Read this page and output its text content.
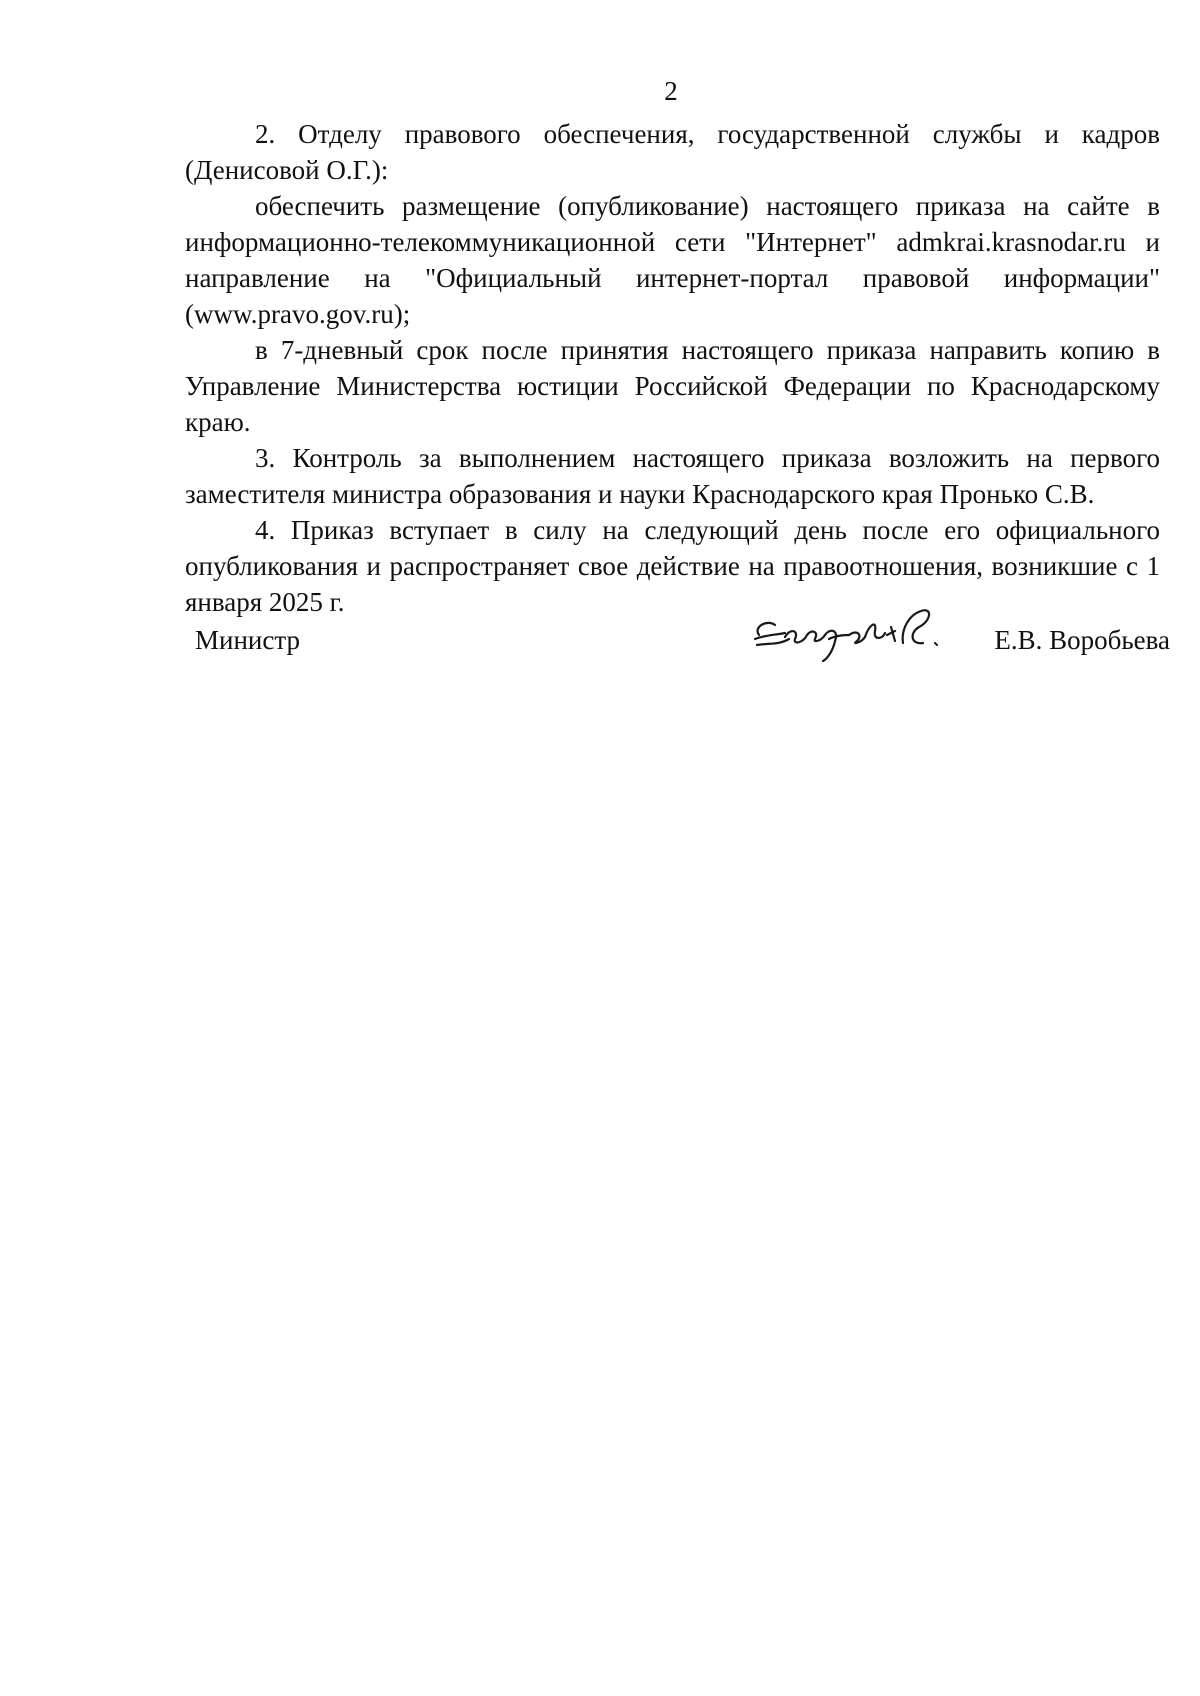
2

2. Отделу правового обеспечения, государственной службы и кадров (Денисовой О.Г.):

обеспечить размещение (опубликование) настоящего приказа на сайте в информационно-телекоммуникационной сети "Интернет" admkrai.krasnodar.ru и направление на "Официальный интернет-портал правовой информации" (www.pravo.gov.ru);

в 7-дневный срок после принятия настоящего приказа направить копию в Управление Министерства юстиции Российской Федерации по Краснодарскому краю.

3. Контроль за выполнением настоящего приказа возложить на первого заместителя министра образования и науки Краснодарского края Пронько С.В.

4. Приказ вступает в силу на следующий день после его официального опубликования и распространяет свое действие на правоотношения, возникшие с 1 января 2025 г.

Министр	Е.В. Воробьева
